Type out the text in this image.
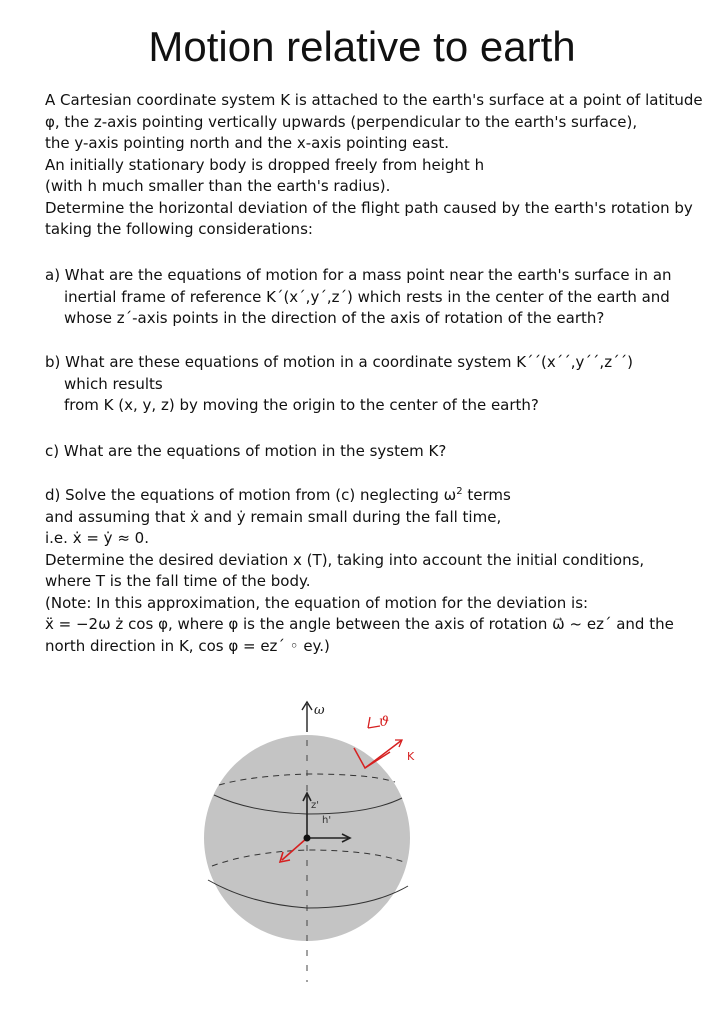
Motion relative to earth

A Cartesian coordinate system K is attached to the earth's surface at a point of latitude

φ, the z-axis pointing vertically upwards (perpendicular to the earth's surface),

the y-axis pointing north and the x-axis pointing east.

An initially stationary body is dropped freely from height h

(with h much smaller than the earth's radius).

Determine the horizontal deviation of the flight path caused by the earth's rotation by

taking the following considerations:

a) What are the equations of motion for a mass point near the earth's surface in an

inertial frame of reference K´(x´,y´,z´) which rests in the center of the earth and

whose z´-axis points in the direction of the axis of rotation of the earth?

b) What are these equations of motion in a coordinate system K´´(x´´,y´´,z´´)

which results

from K (x, y, z) by moving the origin to the center of the earth?

c) What are the equations of motion in the system K?

d) Solve the equations of motion from (c) neglecting $\omega^2$ terms

and assuming that ẋ and ẏ remain small during the fall time,

i.e. ẋ = ẏ ≈ 0.

Determine the desired deviation x (T), taking into account the initial conditions,

where T is the fall time of the body.

(Note: In this approximation, the equation of motion for the deviation is:

ẍ = −2ω ż cos φ, where φ is the angle between the axis of rotation ω⃗ ~ ez´ and the

north direction in K, cos φ = ez´ ◦ ey.)

ω
z'
h'
ϑ
K
